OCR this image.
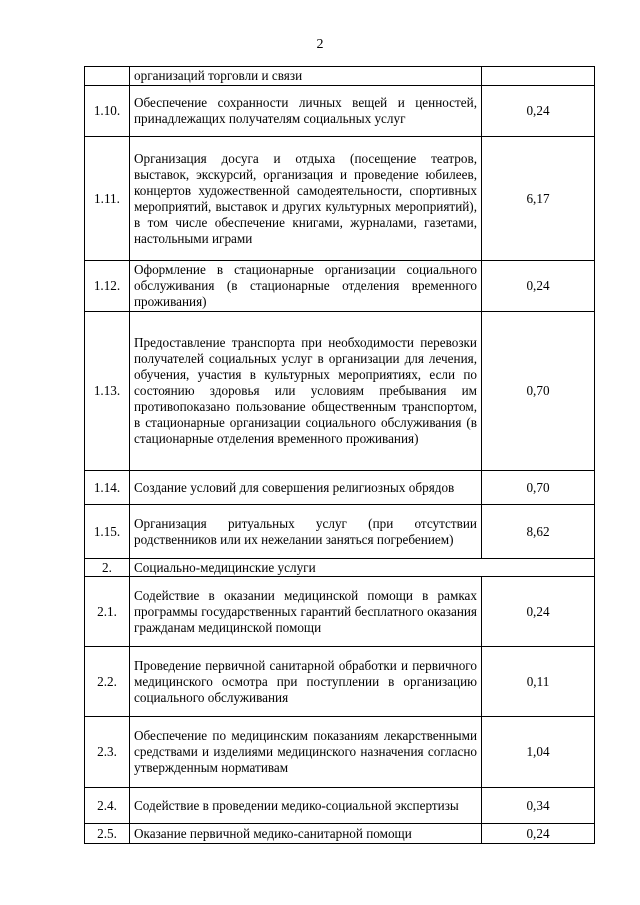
2
	организаций торговли и связи	
1.10.	Обеспечение сохранности личных вещей и ценностей, принадлежащих получателям социальных услуг	0,24
1.11.	Организация досуга и отдыха (посещение театров, выставок, экскурсий, организация и проведение юбилеев, концертов художественной самодеятельности, спортивных мероприятий, выставок и других культурных мероприятий), в том числе обеспечение книгами, журналами, газетами, настольными играми	6,17
1.12.	Оформление в стационарные организации социального обслуживания (в стационарные отделения временного проживания)	0,24
1.13.	Предоставление транспорта при необходимости перевозки получателей социальных услуг в организации для лечения, обучения, участия в культурных мероприятиях, если по состоянию здоровья или условиям пребывания им противопоказано пользование общественным транспортом, в стационарные организации социального обслуживания (в стационарные отделения временного проживания)	0,70
1.14.	Создание условий для совершения религиозных обрядов	0,70
1.15.	Организация ритуальных услуг (при отсутствии родственников или их нежелании заняться погребением)	8,62
2.	Социально-медицинские услуги	
2.1.	Содействие в оказании медицинской помощи в рамках программы государственных гарантий бесплатного оказания гражданам медицинской помощи	0,24
2.2.	Проведение первичной санитарной обработки и первичного медицинского осмотра при поступлении в организацию социального обслуживания	0,11
2.3.	Обеспечение по медицинским показаниям лекарственными средствами и изделиями медицинского назначения согласно утвержденным нормативам	1,04
2.4.	Содействие в проведении медико-социальной экспертизы	0,34
2.5.	Оказание первичной медико-санитарной помощи	0,24
